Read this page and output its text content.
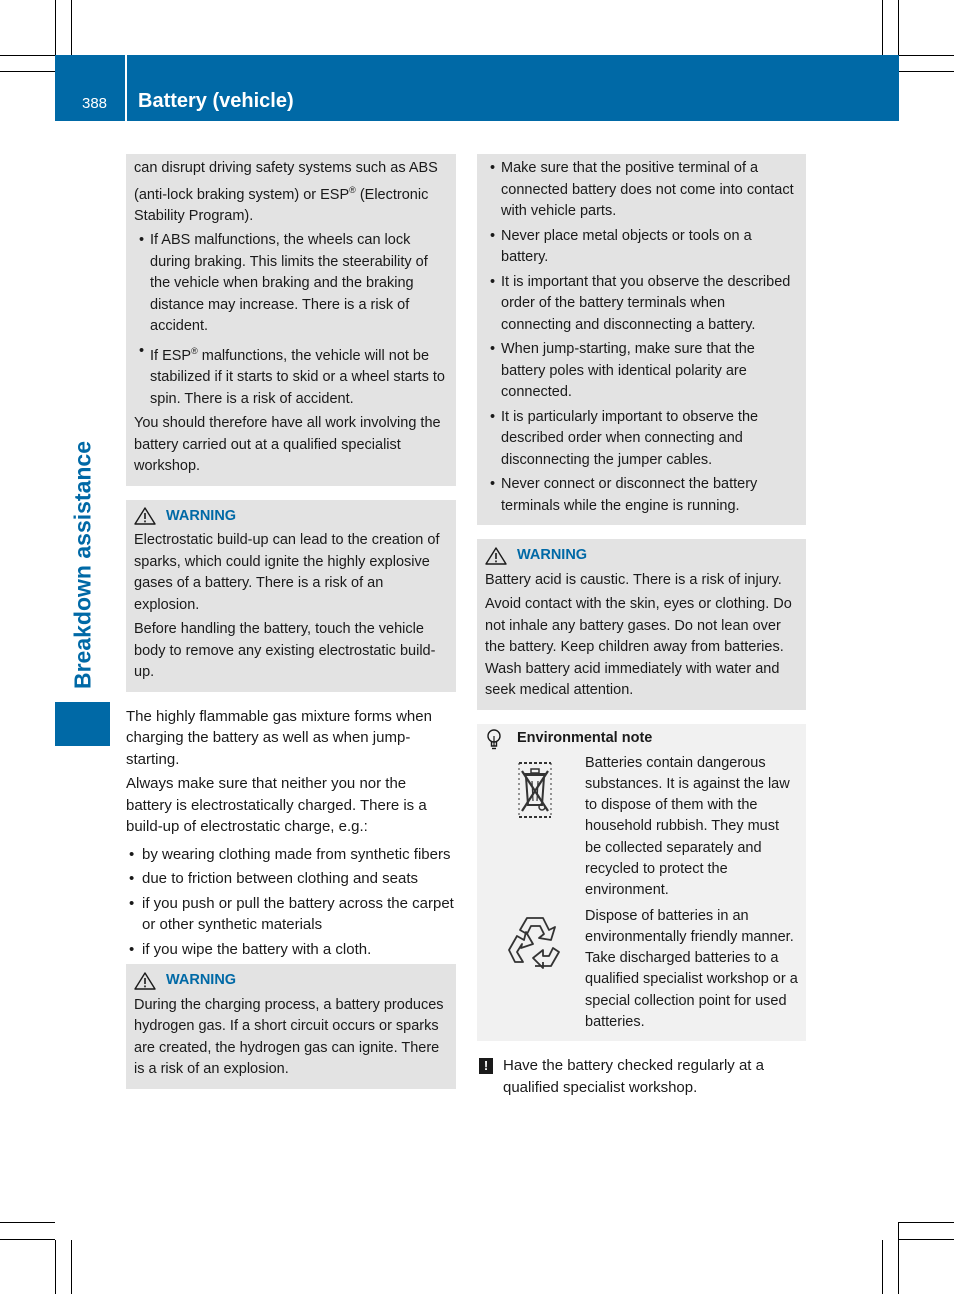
388 Battery (vehicle)
Breakdown assistance

can disrupt driving safety systems such as ABS (anti-lock braking system) or ESP® (Electronic Stability Program).

• If ABS malfunctions, the wheels can lock during braking. This limits the steerability of the vehicle when braking and the braking distance may increase. There is a risk of accident.
• If ESP® malfunctions, the vehicle will not be stabilized if it starts to skid or a wheel starts to spin. There is a risk of accident.

You should therefore have all work involving the battery carried out at a qualified specialist workshop.

WARNING

Electrostatic build-up can lead to the creation of sparks, which could ignite the highly explosive gases of a battery. There is a risk of an explosion.

Before handling the battery, touch the vehicle body to remove any existing electrostatic build-up.

The highly flammable gas mixture forms when charging the battery as well as when jump-starting.

Always make sure that neither you nor the battery is electrostatically charged. There is a build-up of electrostatic charge, e.g.:

• by wearing clothing made from synthetic fibers
• due to friction between clothing and seats
• if you push or pull the battery across the carpet or other synthetic materials
• if you wipe the battery with a cloth.
WARNING

During the charging process, a battery produces hydrogen gas. If a short circuit occurs or sparks are created, the hydrogen gas can ignite. There is a risk of an explosion.

• Make sure that the positive terminal of a connected battery does not come into contact with vehicle parts.
• Never place metal objects or tools on a battery.
• It is important that you observe the described order of the battery terminals when connecting and disconnecting a battery.
• When jump-starting, make sure that the battery poles with identical polarity are connected.
• It is particularly important to observe the described order when connecting and disconnecting the jumper cables.
• Never connect or disconnect the battery terminals while the engine is running.
WARNING

Battery acid is caustic. There is a risk of injury.

Avoid contact with the skin, eyes or clothing. Do not inhale any battery gases. Do not lean over the battery. Keep children away from batteries. Wash battery acid immediately with water and seek medical attention.

Environmental note

Batteries contain dangerous substances. It is against the law to dispose of them with the household rubbish. They must be collected separately and recycled to protect the environment.

Dispose of batteries in an environmentally friendly manner. Take discharged batteries to a qualified specialist workshop or a special collection point for used batteries.

! Have the battery checked regularly at a qualified specialist workshop.
